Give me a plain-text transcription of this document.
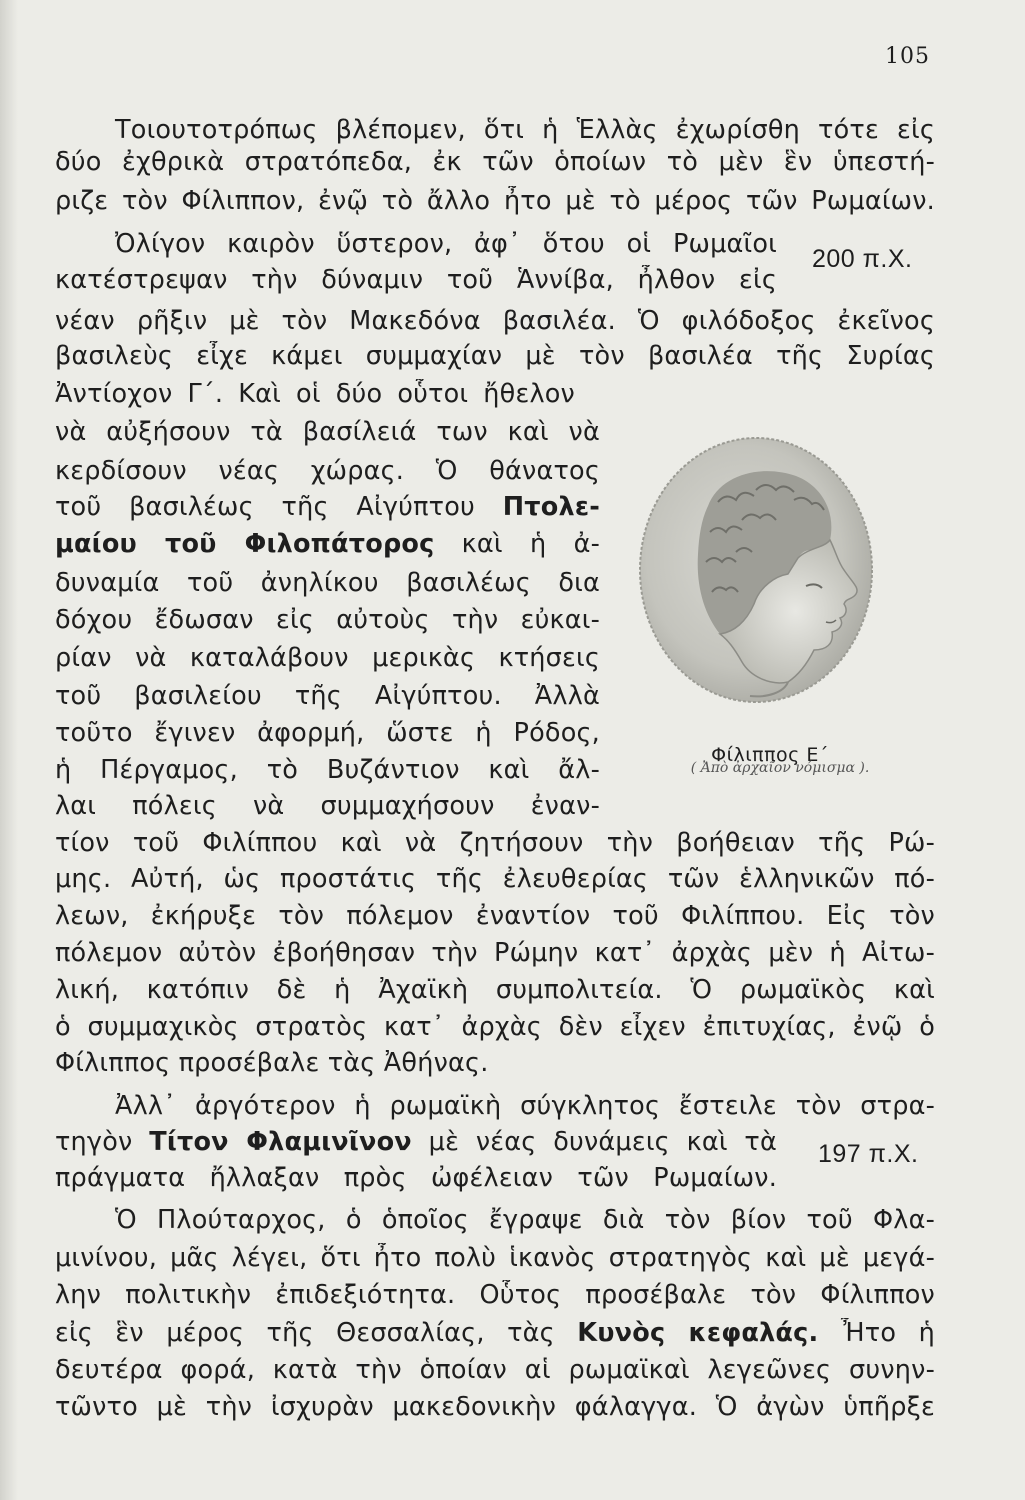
105
Τοιουτοτρόπως βλέπομεν, ὅτι ἡ Ἑλλὰς ἐχωρίσθη τότε εἰς
δύο ἐχθρικὰ στρατόπεδα, ἐκ τῶν ὁποίων τὸ μὲν ἓν ὑπεστή-
ριζε τὸν Φίλιππον, ἐνῷ τὸ ἄλλο ἦτο μὲ τὸ μέρος τῶν Ρωμαίων.
Ὀλίγον καιρὸν ὕστερον, ἀφ᾽ ὅτου οἱ Ρωμαῖοι
κατέστρεψαν τὴν δύναμιν τοῦ Ἁννίβα, ἦλθον εἰς
νέαν ρῆξιν μὲ τὸν Μακεδόνα βασιλέα. Ὁ φιλόδοξος ἐκεῖνος
βασιλεὺς εἶχε κάμει συμμαχίαν μὲ τὸν βασιλέα τῆς Συρίας
Ἀντίοχον Γ΄. Καὶ οἱ δύο οὗτοι ἤθελον
νὰ αὐξήσουν τὰ βασίλειά των καὶ νὰ
κερδίσουν νέας χώρας. Ὁ θάνατος
τοῦ βασιλέως τῆς Αἰγύπτου Πτολε-
μαίου τοῦ Φιλοπάτορος καὶ ἡ ἀ-
δυναμία τοῦ ἀνηλίκου βασιλέως δια
δόχου ἔδωσαν εἰς αὐτοὺς τὴν εὐκαι-
ρίαν νὰ καταλάβουν μερικὰς κτήσεις
τοῦ βασιλείου τῆς Αἰγύπτου. Ἀλλὰ
τοῦτο ἔγινεν ἀφορμή, ὥστε ἡ Ρόδος,
ἡ Πέργαμος, τὸ Βυζάντιον καὶ ἄλ-
λαι πόλεις νὰ συμμαχήσουν ἐναν-
τίον τοῦ Φιλίππου καὶ νὰ ζητήσουν τὴν βοήθειαν τῆς Ρώ-
μης. Αὐτή, ὡς προστάτις τῆς ἐλευθερίας τῶν ἑλληνικῶν πό-
λεων, ἐκήρυξε τὸν πόλεμον ἐναντίον τοῦ Φιλίππου. Εἰς τὸν
πόλεμον αὐτὸν ἐβοήθησαν τὴν Ρώμην κατ᾽ ἀρχὰς μὲν ἡ Αἰτω-
λική, κατόπιν δὲ ἡ Ἀχαϊκὴ συμπολιτεία. Ὁ ρωμαϊκὸς καὶ
ὁ συμμαχικὸς στρατὸς κατ᾽ ἀρχὰς δὲν εἶχεν ἐπιτυχίας, ἐνῷ ὁ
Φίλιππος προσέβαλε τὰς Ἀθήνας.
Ἀλλ᾽ ἀργότερον ἡ ρωμαϊκὴ σύγκλητος ἔστειλε τὸν στρα-
τηγὸν Τίτον Φλαμινῖνον μὲ νέας δυνάμεις καὶ τὰ
πράγματα ἤλλαξαν πρὸς ὠφέλειαν τῶν Ρωμαίων.
Ὁ Πλούταρχος, ὁ ὁποῖος ἔγραψε διὰ τὸν βίον τοῦ Φλα-
μινίνου, μᾶς λέγει, ὅτι ἦτο πολὺ ἱκανὸς στρατηγὸς καὶ μὲ μεγά-
λην πολιτικὴν ἐπιδεξιότητα. Οὗτος προσέβαλε τὸν Φίλιππον
εἰς ἓν μέρος τῆς Θεσσαλίας, τὰς Κυνὸς κεφαλάς. Ἦτο ἡ
δευτέρα φορά, κατὰ τὴν ὁποίαν αἱ ρωμαϊκαὶ λεγεῶνες συνην-
τῶντο μὲ τὴν ἰσχυρὰν μακεδονικὴν φάλαγγα. Ὁ ἀγὼν ὑπῆρξε
200 π.Χ.
197 π.Χ.
Φίλιππος Ε΄
( Ἀπὸ ἀρχαῖον νόμισμα ).
